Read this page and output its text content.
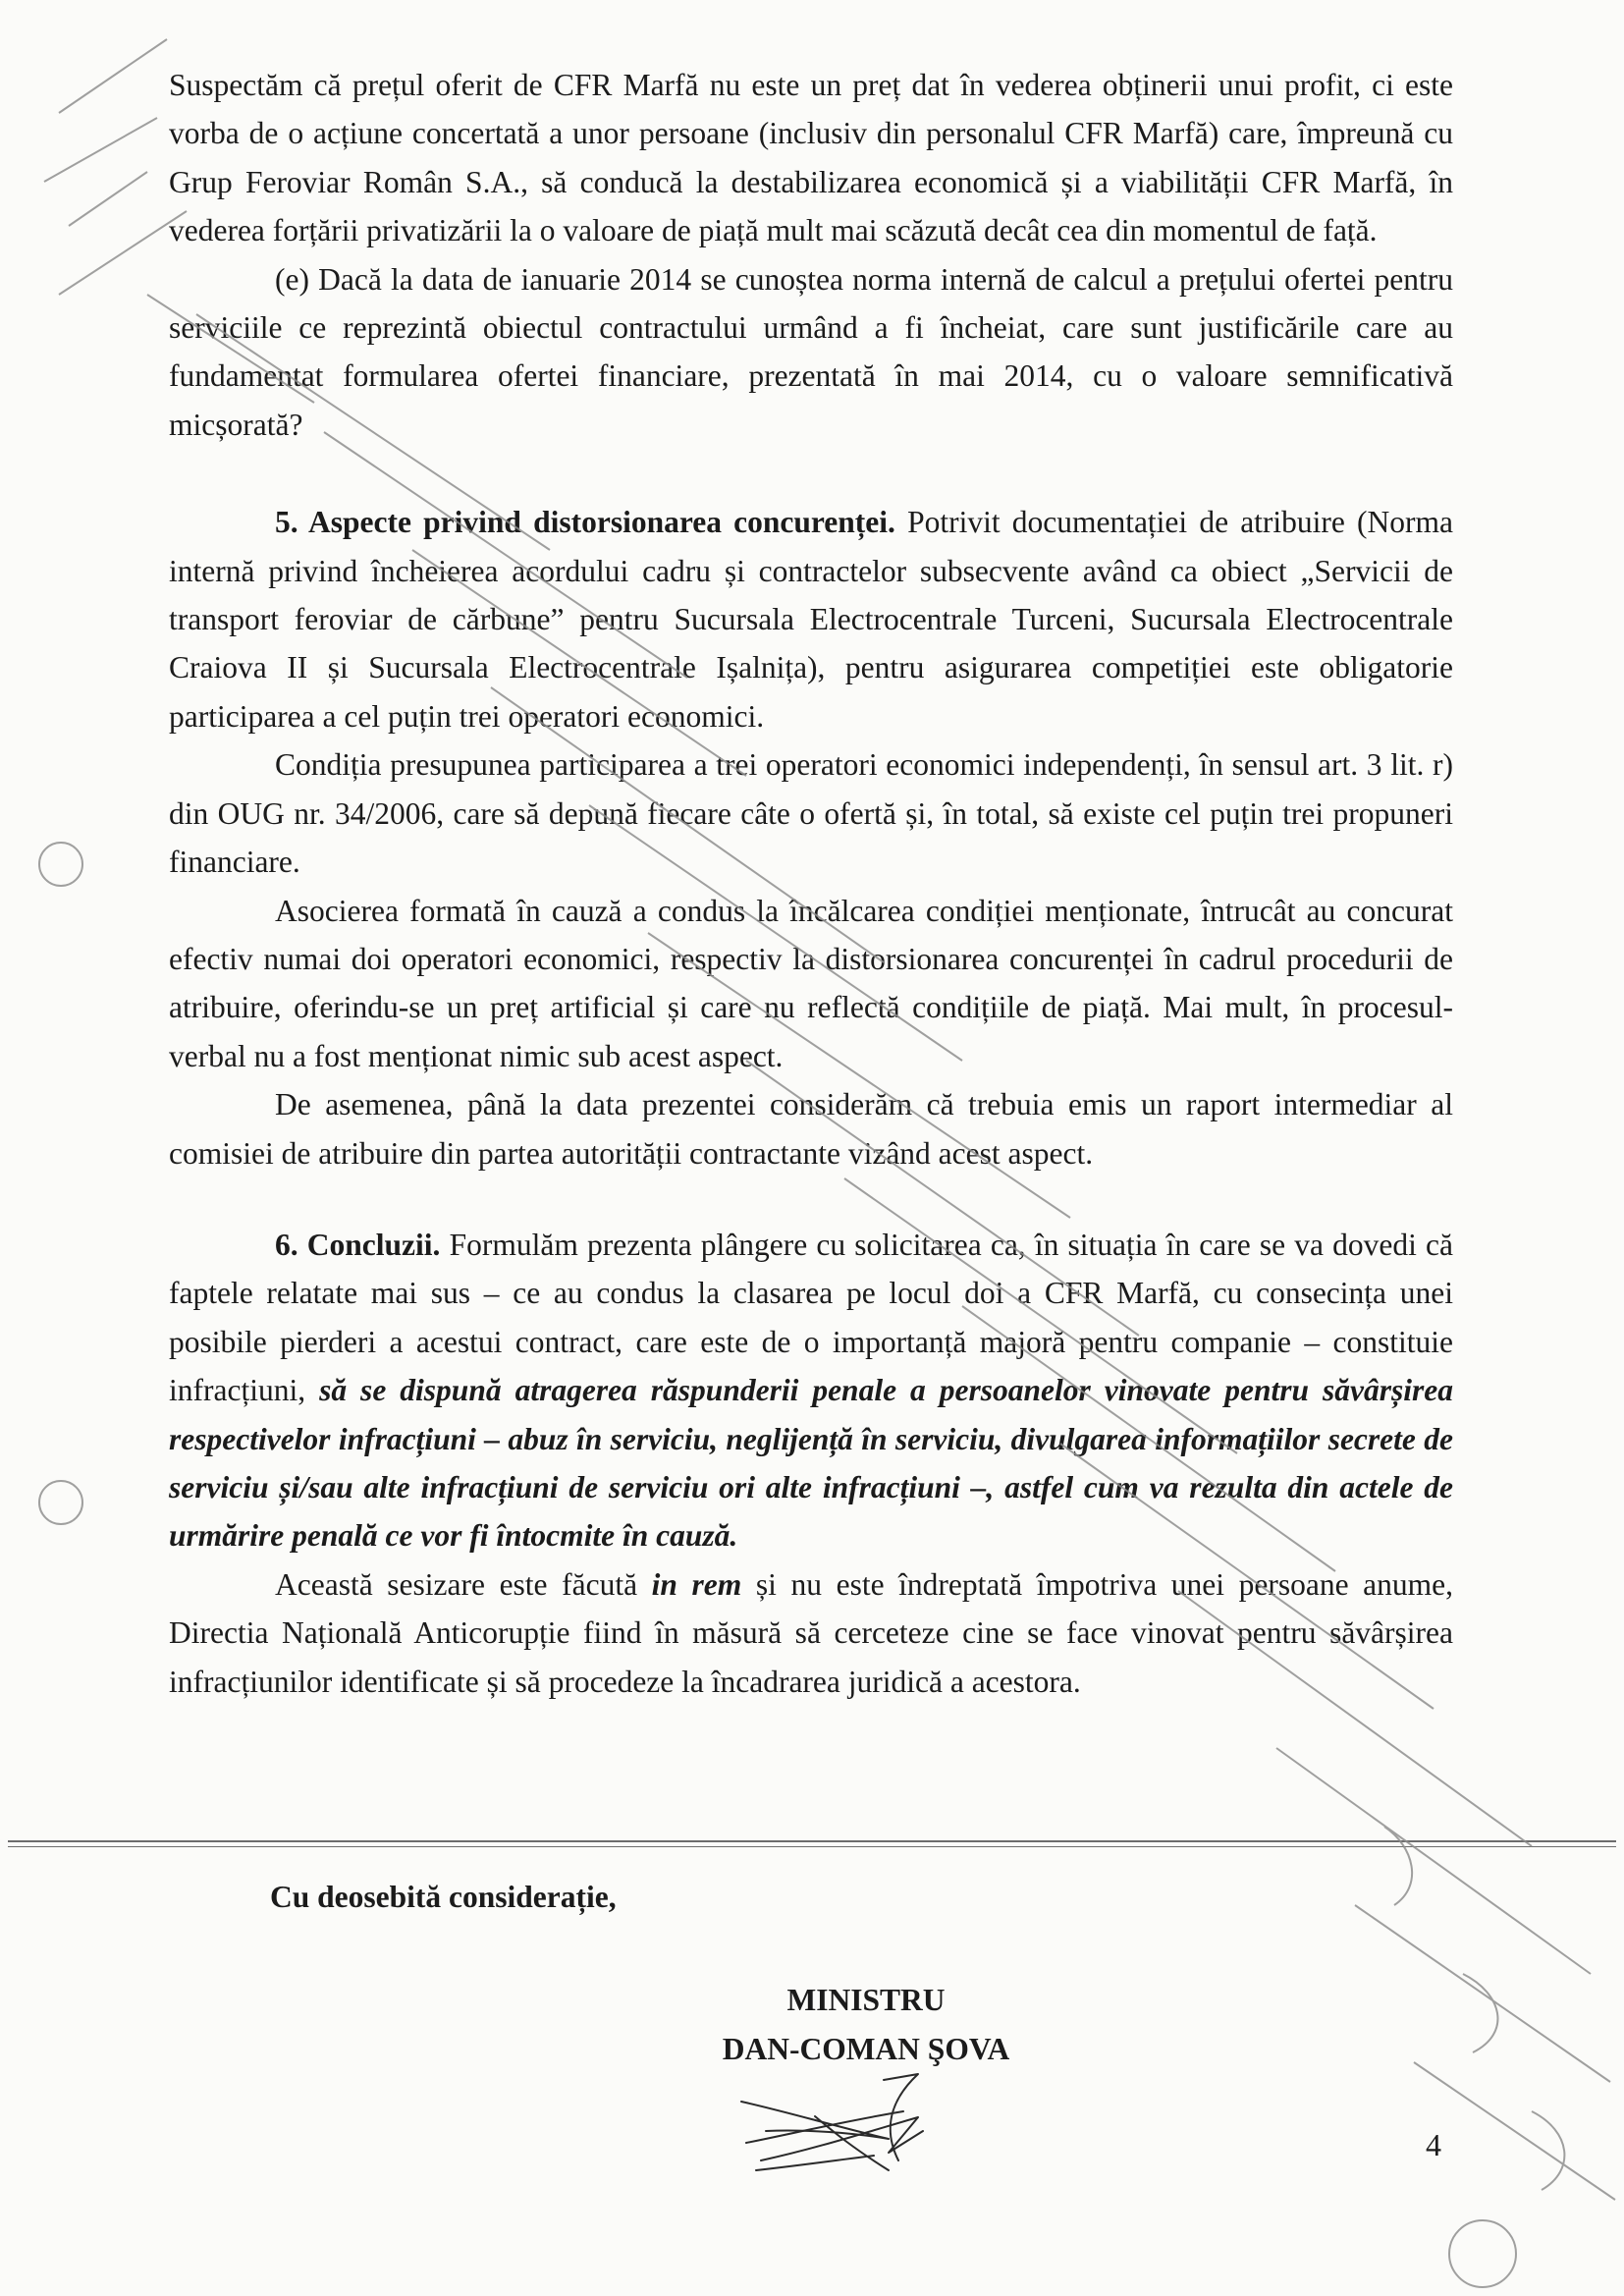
Suspectăm că prețul oferit de CFR Marfă nu este un preț dat în vederea obținerii unui profit, ci este vorba de o acțiune concertată a unor persoane (inclusiv din personalul CFR Marfă) care, împreună cu Grup Feroviar Român S.A., să conducă la destabilizarea economică și a viabilității CFR Marfă, în vederea forțării privatizării la o valoare de piață mult mai scăzută decât cea din momentul de față.

(e) Dacă la data de ianuarie 2014 se cunoștea norma internă de calcul a prețului ofertei pentru serviciile ce reprezintă obiectul contractului urmând a fi încheiat, care sunt justificările care au fundamentat formularea ofertei financiare, prezentată în mai 2014, cu o valoare semnificativă micșorată?

5. Aspecte privind distorsionarea concurenței. Potrivit documentației de atribuire (Norma internă privind încheierea acordului cadru și contractelor subsecvente având ca obiect „Servicii de transport feroviar de cărbune” pentru Sucursala Electrocentrale Turceni, Sucursala Electrocentrale Craiova II și Sucursala Electrocentrale Ișalnița), pentru asigurarea competiției este obligatorie participarea a cel puțin trei operatori economici.

Condiția presupunea participarea a trei operatori economici independenți, în sensul art. 3 lit. r) din OUG nr. 34/2006, care să depună fiecare câte o ofertă și, în total, să existe cel puțin trei propuneri financiare.

Asocierea formată în cauză a condus la încălcarea condiției menționate, întrucât au concurat efectiv numai doi operatori economici, respectiv la distorsionarea concurenței în cadrul procedurii de atribuire, oferindu-se un preț artificial și care nu reflectă condițiile de piață. Mai mult, în procesul-verbal nu a fost menționat nimic sub acest aspect.

De asemenea, până la data prezentei considerăm că trebuia emis un raport intermediar al comisiei de atribuire din partea autorității contractante vizând acest aspect.

6. Concluzii. Formulăm prezenta plângere cu solicitarea ca, în situația în care se va dovedi că faptele relatate mai sus – ce au condus la clasarea pe locul doi a CFR Marfă, cu consecința unei posibile pierderi a acestui contract, care este de o importanță majoră pentru companie – constituie infracțiuni, să se dispună atragerea răspunderii penale a persoanelor vinovate pentru săvârșirea respectivelor infracțiuni – abuz în serviciu, neglijență în serviciu, divulgarea informațiilor secrete de serviciu și/sau alte infracțiuni de serviciu ori alte infracțiuni –, astfel cum va rezulta din actele de urmărire penală ce vor fi întocmite în cauză.

Această sesizare este făcută in rem și nu este îndreptată împotriva unei persoane anume, Directia Națională Anticorupție fiind în măsură să cerceteze cine se face vinovat pentru săvârșirea infracțiunilor identificate și să procedeze la încadrarea juridică a acestora.

Cu deosebită considerație,
MINISTRU
DAN-COMAN ŞOVA
4
